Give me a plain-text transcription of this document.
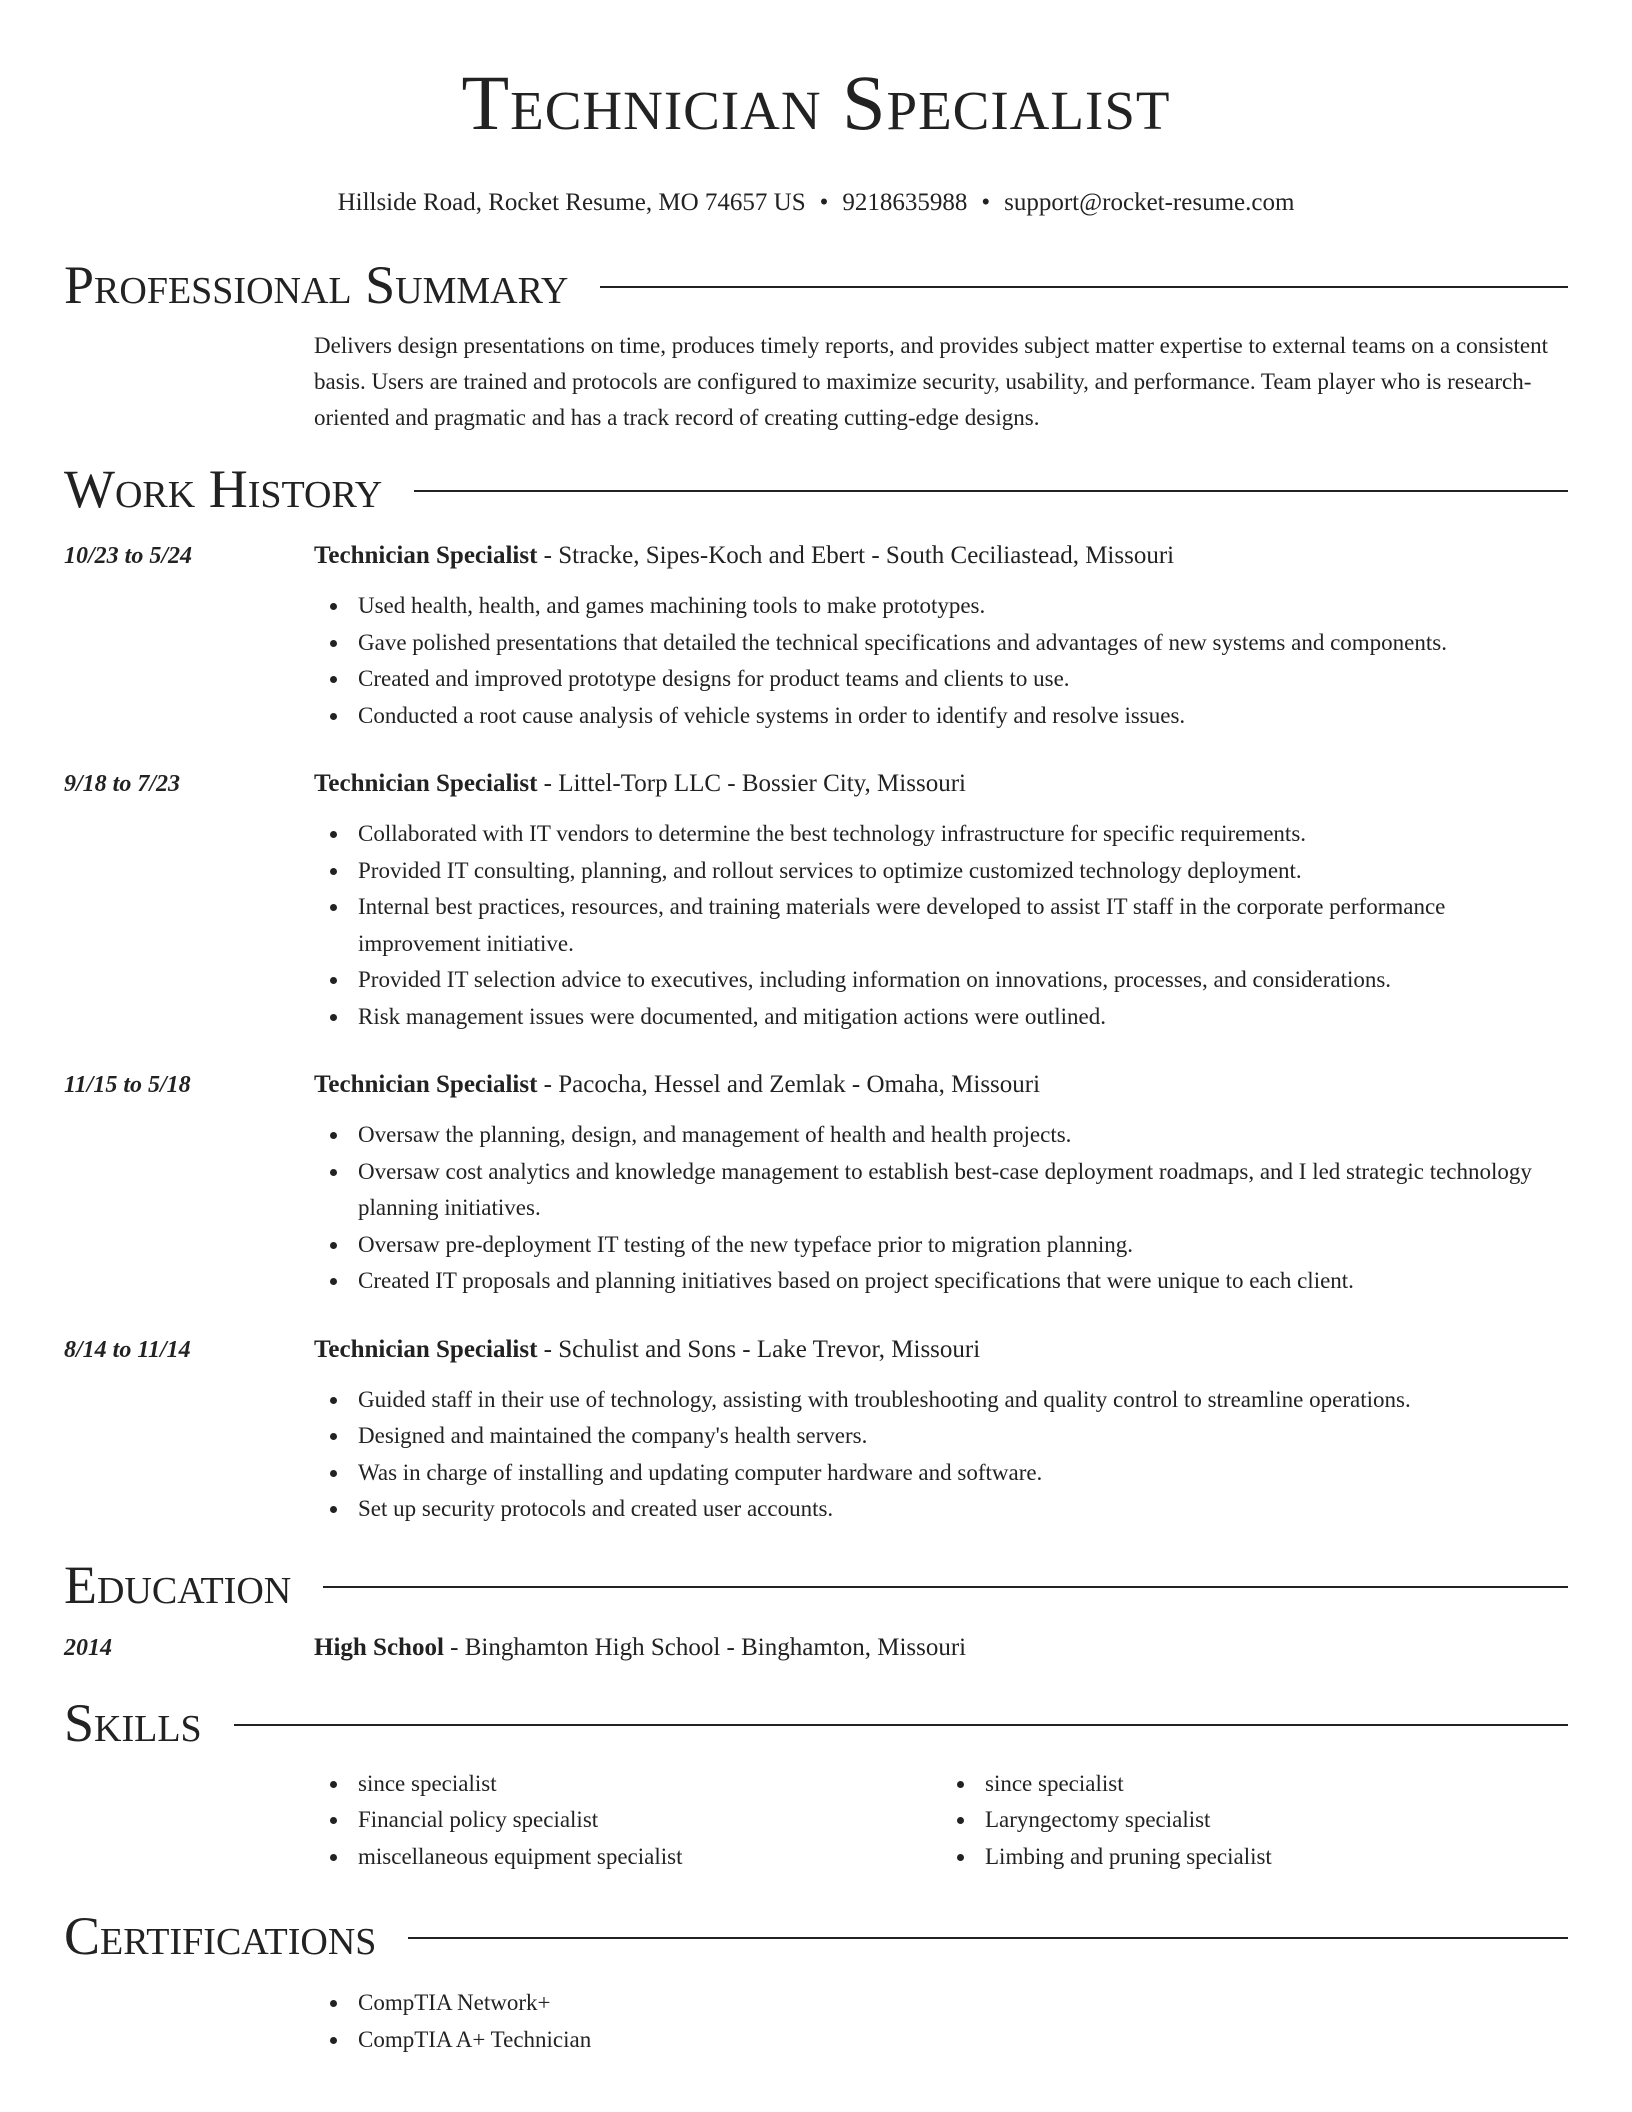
Technician Specialist
Hillside Road, Rocket Resume, MO 74657 US • 9218635988 • support@rocket-resume.com
Professional Summary
Delivers design presentations on time, produces timely reports, and provides subject matter expertise to external teams on a consistent basis. Users are trained and protocols are configured to maximize security, usability, and performance. Team player who is research-oriented and pragmatic and has a track record of creating cutting-edge designs.
Work History
10/23 to 5/24	Technician Specialist - Stracke, Sipes-Koch and Ebert - South Ceciliastead, Missouri
Used health, health, and games machining tools to make prototypes.
Gave polished presentations that detailed the technical specifications and advantages of new systems and components.
Created and improved prototype designs for product teams and clients to use.
Conducted a root cause analysis of vehicle systems in order to identify and resolve issues.
9/18 to 7/23	Technician Specialist - Littel-Torp LLC - Bossier City, Missouri
Collaborated with IT vendors to determine the best technology infrastructure for specific requirements.
Provided IT consulting, planning, and rollout services to optimize customized technology deployment.
Internal best practices, resources, and training materials were developed to assist IT staff in the corporate performance improvement initiative.
Provided IT selection advice to executives, including information on innovations, processes, and considerations.
Risk management issues were documented, and mitigation actions were outlined.
11/15 to 5/18	Technician Specialist - Pacocha, Hessel and Zemlak - Omaha, Missouri
Oversaw the planning, design, and management of health and health projects.
Oversaw cost analytics and knowledge management to establish best-case deployment roadmaps, and I led strategic technology planning initiatives.
Oversaw pre-deployment IT testing of the new typeface prior to migration planning.
Created IT proposals and planning initiatives based on project specifications that were unique to each client.
8/14 to 11/14	Technician Specialist - Schulist and Sons - Lake Trevor, Missouri
Guided staff in their use of technology, assisting with troubleshooting and quality control to streamline operations.
Designed and maintained the company's health servers.
Was in charge of installing and updating computer hardware and software.
Set up security protocols and created user accounts.
Education
2014	High School - Binghamton High School - Binghamton, Missouri
Skills
since specialist
Financial policy specialist
miscellaneous equipment specialist
since specialist
Laryngectomy specialist
Limbing and pruning specialist
Certifications
CompTIA Network+
CompTIA A+ Technician
